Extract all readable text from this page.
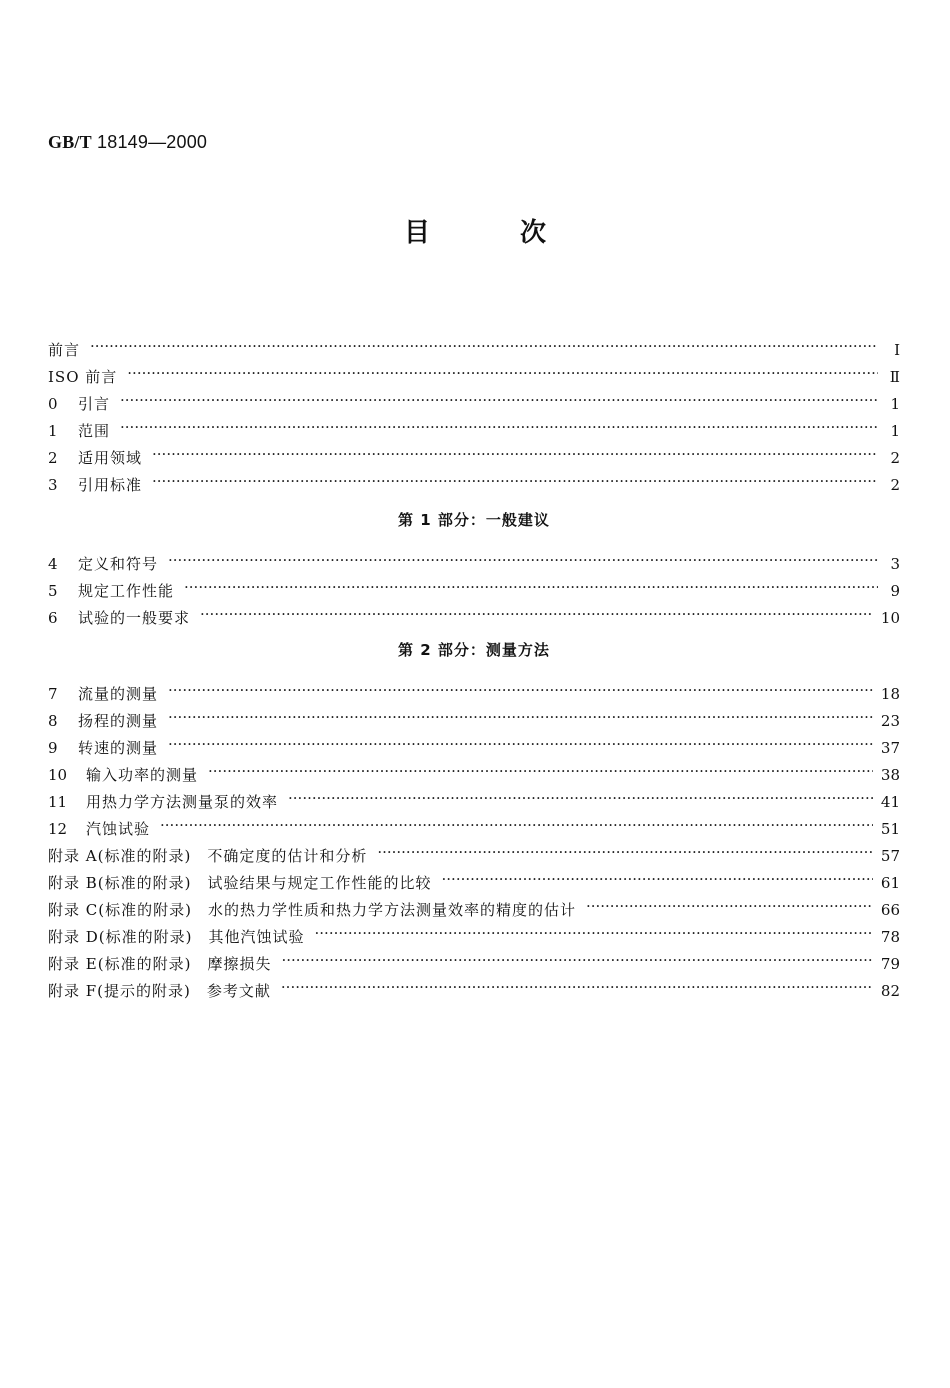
GB/T 18149—2000
目次
前言 ·····	Ⅰ
ISO 前言 ·····	Ⅱ
0	引言 ·····	1
1	范围 ·····	1
2	适用领域 ·····	2
3	引用标准 ·····	2
第 1 部分：一般建议
4	定义和符号 ·····	3
5	规定工作性能 ·····	9
6	试验的一般要求 ·····	10
第 2 部分：测量方法
7	流量的测量 ·····	18
8	扬程的测量 ·····	23
9	转速的测量 ·····	37
10	输入功率的测量 ·····	38
11	用热力学方法测量泵的效率 ·····	41
12	汽蚀试验 ·····	51
附录 A(标准的附录) 不确定度的估计和分析 ·····	57
附录 B(标准的附录) 试验结果与规定工作性能的比较 ·····	61
附录 C(标准的附录) 水的热力学性质和热力学方法测量效率的精度的估计 ·····	66
附录 D(标准的附录) 其他汽蚀试验 ·····	78
附录 E(标准的附录) 摩擦损失 ·····	79
附录 F(提示的附录) 参考文献 ·····	82
